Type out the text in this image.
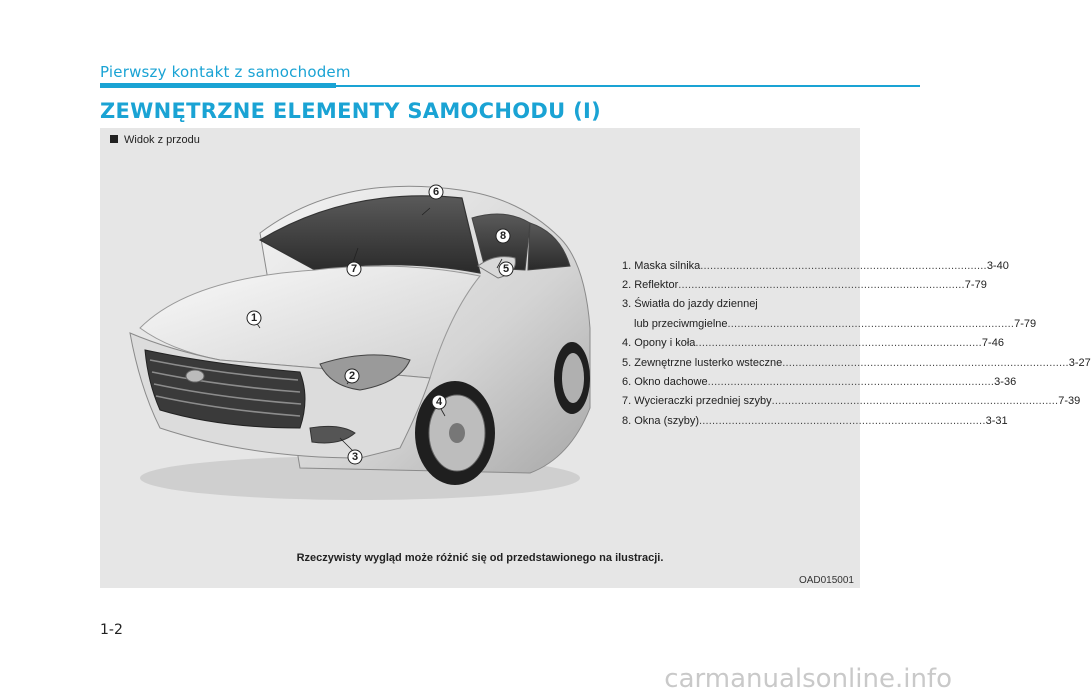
Pierwszy kontakt z samochodem
ZEWNĘTRZNE ELEMENTY SAMOCHODU (I)
1
2
3
4
5
6
7
8
Widok z przodu
1. Maska silnika ........................................................................................ 3-40
2. Reflektor ........................................................................................ 7-79
3. Światła do jazdy dziennej
lub przeciwmgielne ........................................................................................ 7-79
4. Opony i koła ........................................................................................ 7-46
5. Zewnętrzne lusterko wsteczne ........................................................................................ 3-27
6. Okno dachowe ........................................................................................ 3-36
7. Wycieraczki przedniej szyby ........................................................................................ 7-39
8. Okna (szyby) ........................................................................................ 3-31
Rzeczywisty wygląd może różnić się od przedstawionego na ilustracji.
OAD015001
1-2
carmanualsonline.info
